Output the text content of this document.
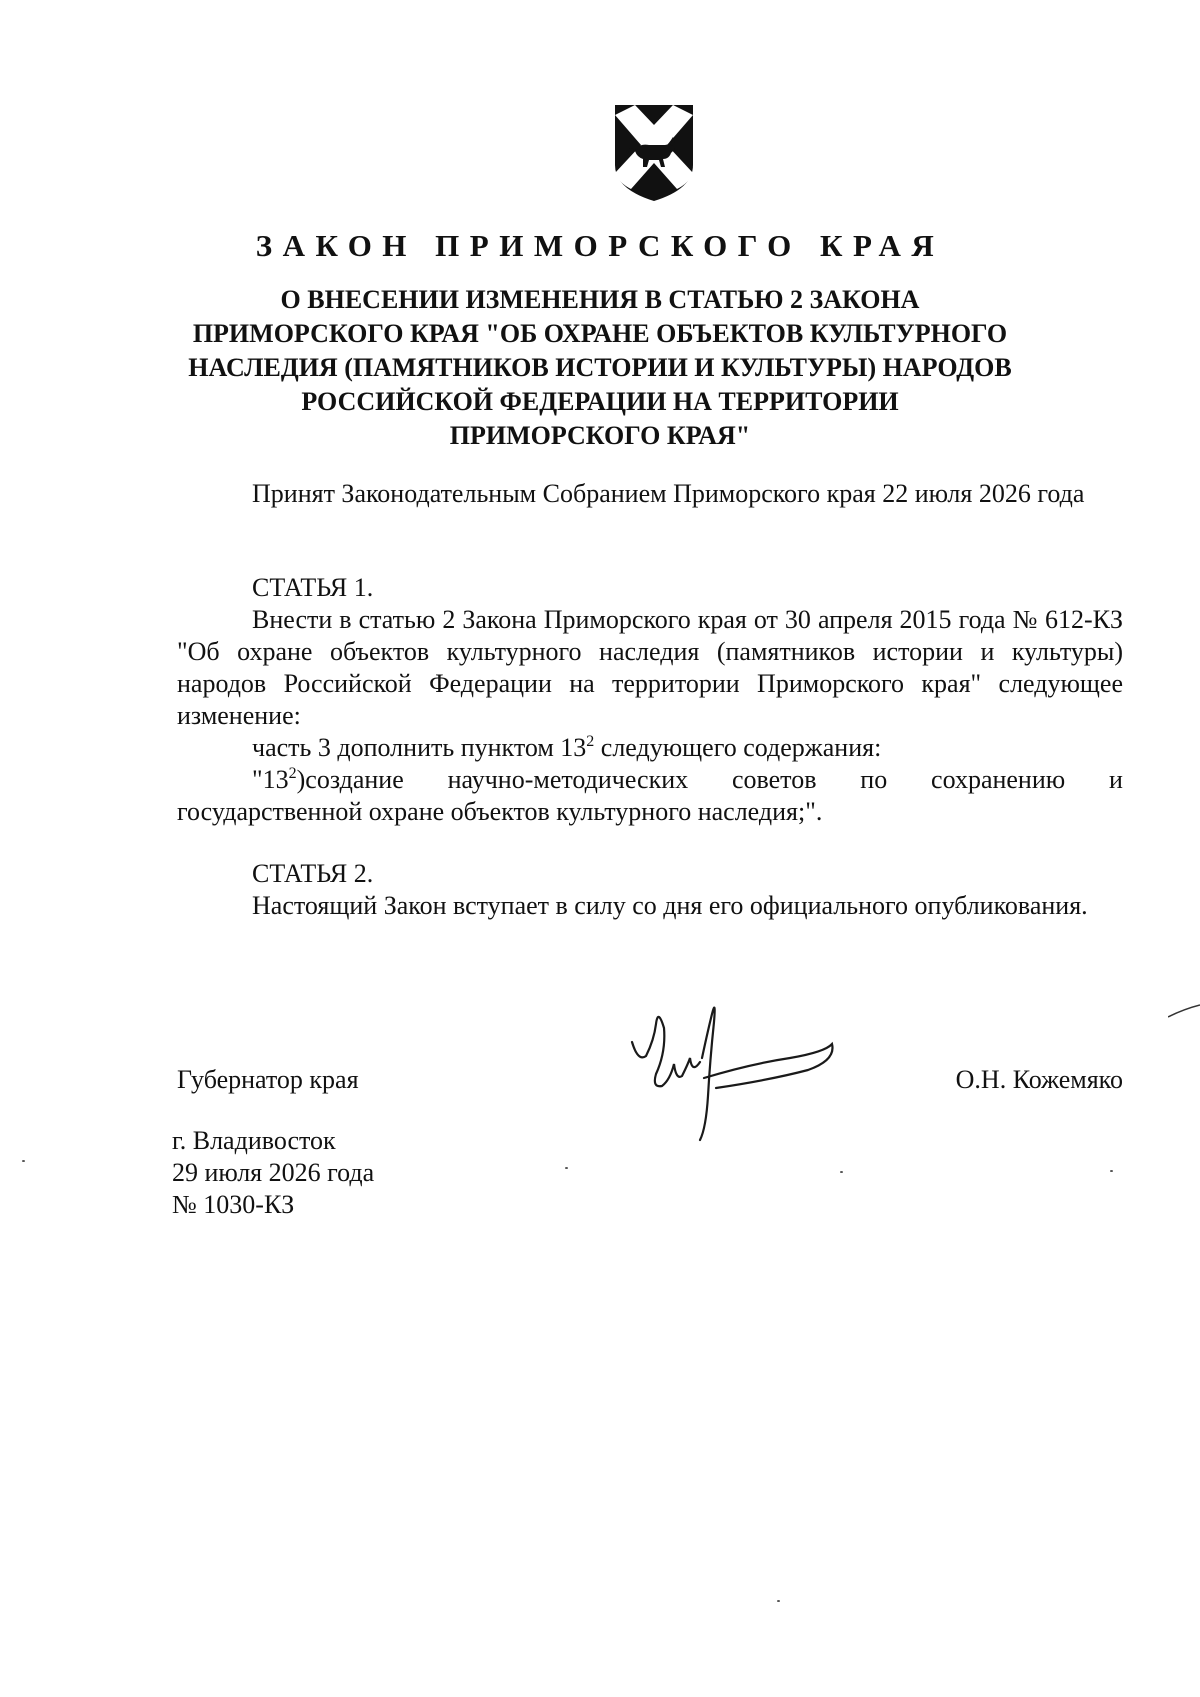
ЗАКОН ПРИМОРСКОГО КРАЯ
О ВНЕСЕНИИ ИЗМЕНЕНИЯ В СТАТЬЮ 2 ЗАКОНА
ПРИМОРСКОГО КРАЯ "ОБ ОХРАНЕ ОБЪЕКТОВ КУЛЬТУРНОГО
НАСЛЕДИЯ (ПАМЯТНИКОВ ИСТОРИИ И КУЛЬТУРЫ) НАРОДОВ
РОССИЙСКОЙ ФЕДЕРАЦИИ НА ТЕРРИТОРИИ
ПРИМОРСКОГО КРАЯ"

Принят Законодательным Собранием Приморского края 22 июля 2026 года

СТАТЬЯ 1.

Внести в статью 2 Закона Приморского края от 30 апреля 2015 года № 612-КЗ "Об охране объектов культурного наследия (памятников истории и культуры) народов Российской Федерации на территории Приморского края" следующее изменение:

часть 3 дополнить пунктом $13^2$ следующего содержания:

"$13^2)создание$ научно-методических советов по сохранению и
государственной охране объектов культурного наследия;".

СТАТЬЯ 2.

Настоящий Закон вступает в силу со дня его официального опубликования.

Губернатор края	О.Н. Кожемяко

г. Владивосток

29 июля 2026 года

№ 1030-КЗ
